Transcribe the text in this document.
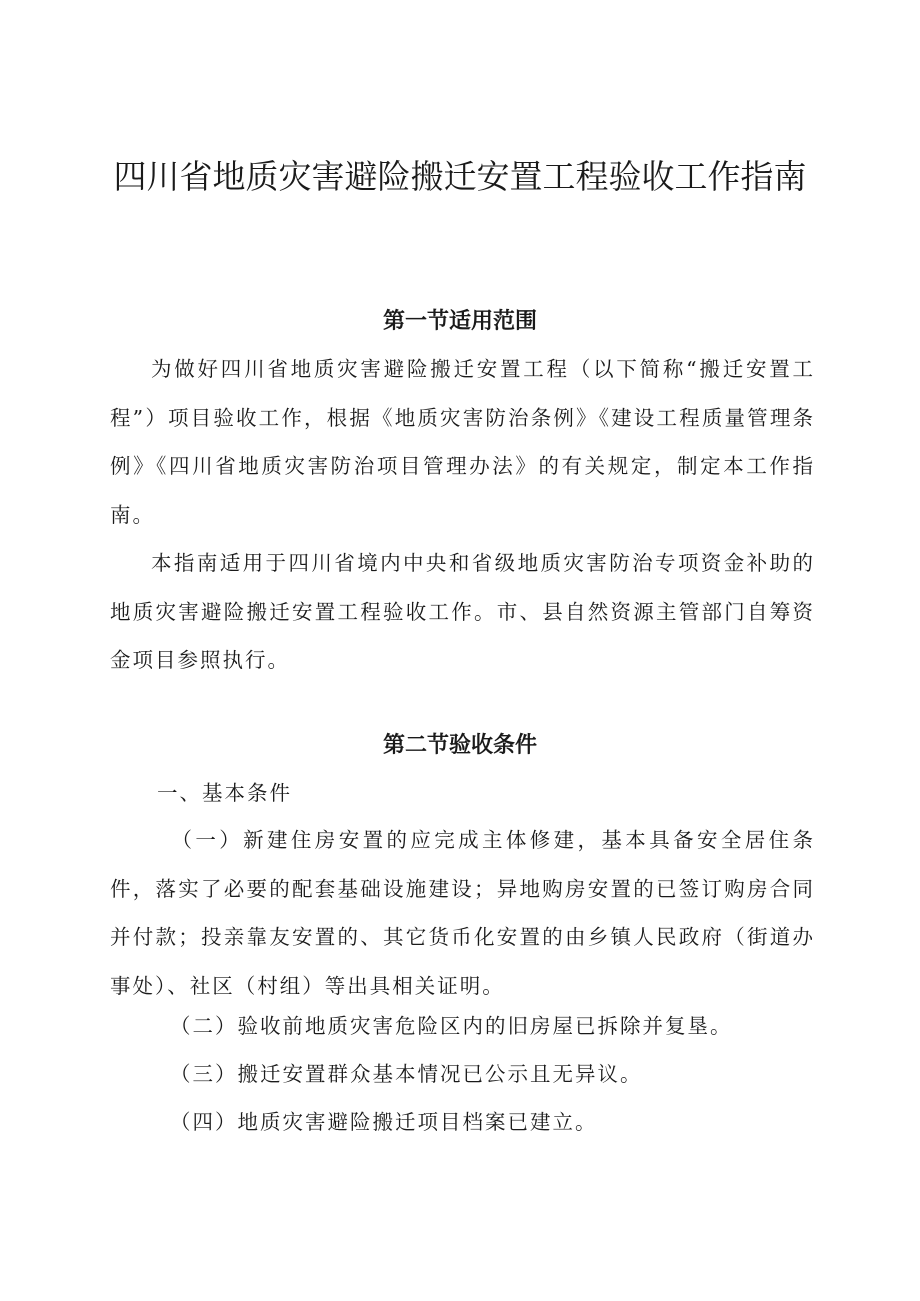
四川省地质灾害避险搬迁安置工程验收工作指南
第一节适用范围

为做好四川省地质灾害避险搬迁安置工程（以下简称“搬迁安置工程”）项目验收工作，根据《地质灾害防治条例》《建设工程质量管理条例》《四川省地质灾害防治项目管理办法》的有关规定，制定本工作指南。

本指南适用于四川省境内中央和省级地质灾害防治专项资金补助的地质灾害避险搬迁安置工程验收工作。市、县自然资源主管部门自筹资金项目参照执行。

第二节验收条件

一、基本条件

（一）新建住房安置的应完成主体修建，基本具备安全居住条件，落实了必要的配套基础设施建设；异地购房安置的已签订购房合同并付款；投亲靠友安置的、其它货币化安置的由乡镇人民政府（街道办事处）、社区（村组）等出具相关证明。

（二）验收前地质灾害危险区内的旧房屋已拆除并复垦。

（三）搬迁安置群众基本情况已公示且无异议。

（四）地质灾害避险搬迁项目档案已建立。
